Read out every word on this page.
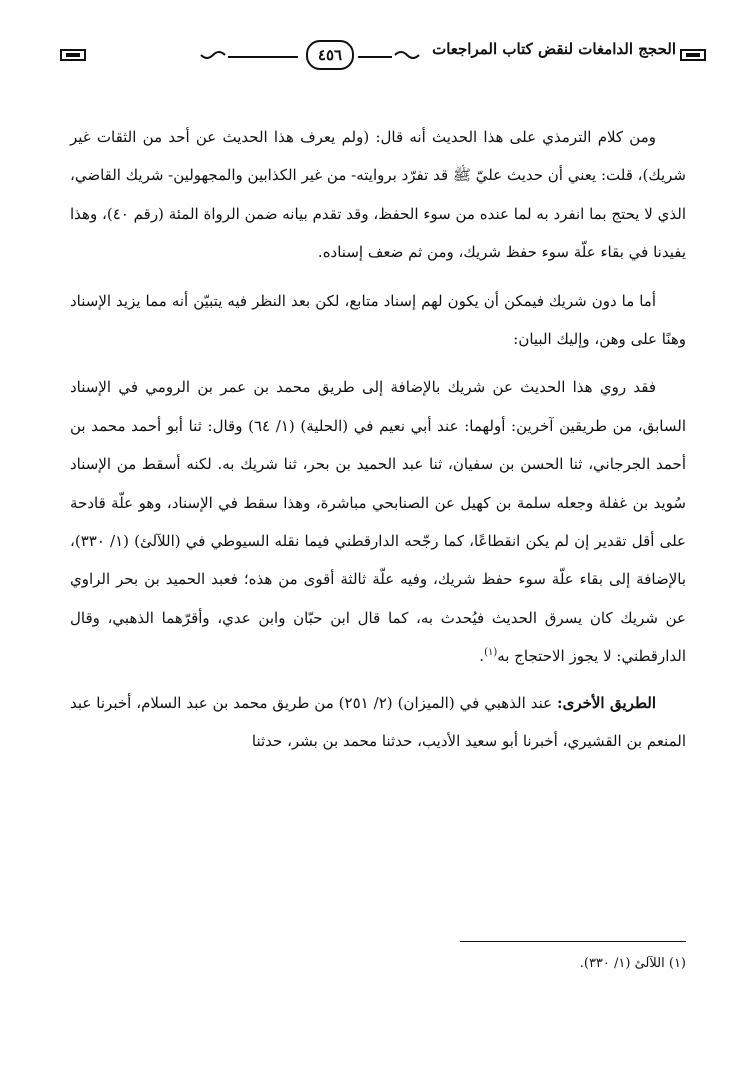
الحجج الدامغات لنقض كتاب المراجعات
٤٥٦

ومن كلام الترمذي على هذا الحديث أنه قال: (ولم يعرف هذا الحديث عن أحد من الثقات غير شريك)، قلت: يعني أن حديث عليّ ﷺ قد تفرّد بروايته- من غير الكذابين والمجهولين- شريك القاضي، الذي لا يحتج بما انفرد به لما عنده من سوء الحفظ، وقد تقدم بيانه ضمن الرواة المئة (رقم ٤٠)، وهذا يفيدنا في بقاء علّة سوء حفظ شريك، ومن ثم ضعف إسناده.

أما ما دون شريك فيمكن أن يكون لهم إسناد متابع، لكن بعد النظر فيه يتبيّن أنه مما يزيد الإسناد وهنًا على وهن، وإليك البيان:

فقد روي هذا الحديث عن شريك بالإضافة إلى طريق محمد بن عمر بن الرومي في الإسناد السابق، من طريقين آخرين: أولهما: عند أبي نعيم في (الحلية) (١/ ٦٤) وقال: ثنا أبو أحمد محمد بن أحمد الجرجاني، ثنا الحسن بن سفيان، ثنا عبد الحميد بن بحر، ثنا شريك به. لكنه أسقط من الإسناد سُويد بن غفلة وجعله سلمة بن كهيل عن الصنابحي مباشرة، وهذا سقط في الإسناد، وهو علّة قادحة على أقل تقدير إن لم يكن انقطاعًا، كما رجّحه الدارقطني فيما نقله السيوطي في (اللآلئ) (١/ ٣٣٠)، بالإضافة إلى بقاء علّة سوء حفظ شريك، وفيه علّة ثالثة أقوى من هذه؛ فعبد الحميد بن بحر الراوي عن شريك كان يسرق الحديث فيُحدث به، كما قال ابن حبّان وابن عدي، وأقرّهما الذهبي، وقال الدارقطني: لا يجوز الاحتجاج به$^{(١)}$.

الطريق الأخرى: عند الذهبي في (الميزان) (٢/ ٢٥١) من طريق محمد بن عبد السلام، أخبرنا عبد المنعم بن القشيري، أخبرنا أبو سعيد الأديب، حدثنا محمد بن بشر، حدثنا

(١) اللآلئ (١/ ٣٣٠).
